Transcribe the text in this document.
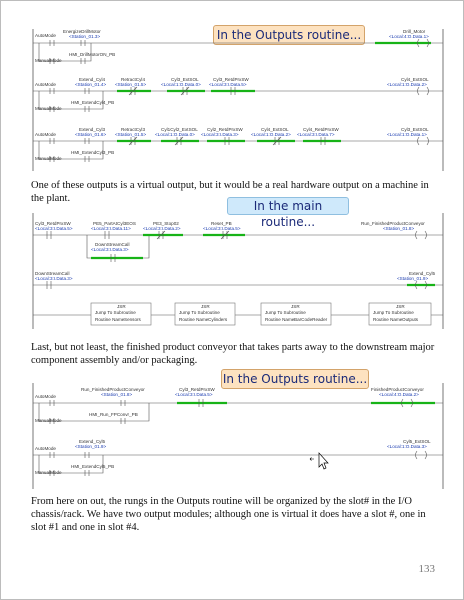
In the Outputs routine...
AutoMode
EnergizeDrillMotor
<Station_01.3>
ManualMode
HMI_DrillMotorON_PB
Drill_Motor
<Local:4:O.Data.1>
AutoMode
Extend_Cyl4
<Station_01.4>
RetractCyl4
<Station_01.5>
Cyl3_ExtSOL
<Local:1:O.Data.0>
Cyl3_RetdPrxSW
<Local:3:I.Data.5>
ManualMode
HMI_ExtendCyl4_PB
Cyl4_ExtSOL
<Local:1:O.Data.2>
AutoMode
Extend_Cyl3
<Station_01.6>
RetractCyl3
<Station_01.5>
Cyl1Cyl2_ExtSOL
<Local:1:O.Data.0>
Cyl2_RetdPrxSW
<Local:3:I.Data.3>
Cyl4_ExtSOL
<Local:1:O.Data.2>
Cyl4_RetdPrxSW
<Local:3:I.Data.7>
ManualMode
HMI_ExtendCyl3_PB
Cyl3_ExtSOL
<Local:1:O.Data.1>
One of these outputs is a virtual output, but it would be a real hardware output on a machine in the plant.
In the main routine...
Cyl3_RetdPrxSW
<Local:3:I.Data.5>
PE5_PartAtCyl3EOS
<Local:3:I.Data.11>
PE3_Stop02
<Local:3:I.Data.2>
Reset_PB
<Local:3:I.Data.5>
DownStreamCall
<Local:3:I.Data.3>
Run_FinishedProductConveyor
<Station_01.8>
DownStreamCall
<Local:3:I.Data.3>
Extend_Cyl5
<Station_01.9>
JSR
Jump To Subroutine
Routine Name Sensors
JSR
Jump To Subroutine
Routine Name Cylinders
JSR
Jump To Subroutine
Routine Name BarCodeReader
JSR
Jump To Subroutine
Routine Name Outputs
Last, but not least, the finished product conveyor that takes parts away to the downstream major component assembly and/or packaging.
In the Outputs routine...
AutoMode
Run_FinishedProductConveyor
<Station_01.8>
Cyl3_RetdPrxSW
<Local:3:I.Data.5>
ManualMode
HMI_Run_FPConvr_PB
FinishedProductConveyor
<Local:4:O.Data.2>
AutoMode
Extend_Cyl5
<Station_01.9>
ManualMode
HMI_ExtendCyl5_PB
Cyl5_ExtSOL
<Local:1:O.Data.3>
From here on out, the rungs in the Outputs routine will be organized by the slot# in the I/O chassis/rack. We have two output modules; although one is virtual it does have a slot #, one in slot #1 and one in slot #4.
133
